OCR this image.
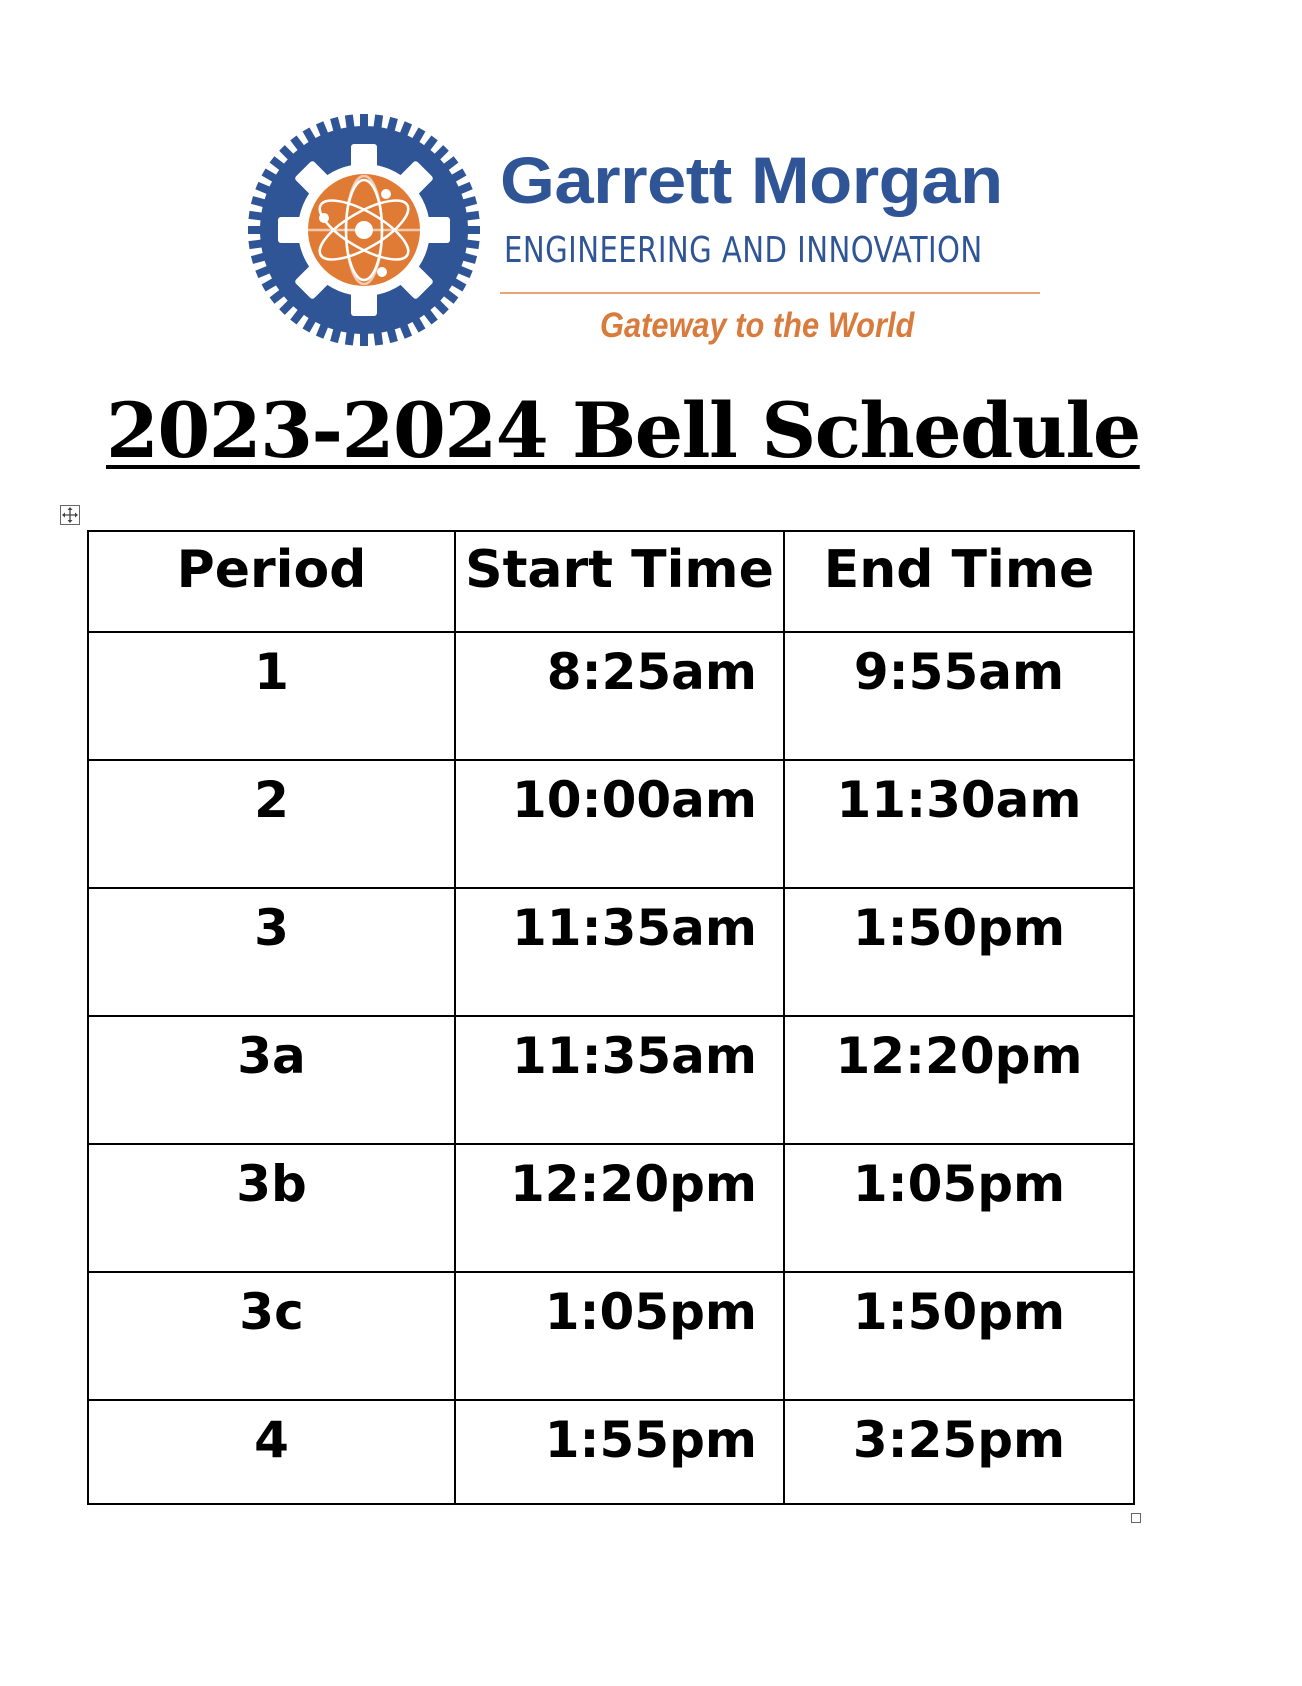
Garrett Morgan
ENGINEERING AND INNOVATION
Gateway to the World
2023-2024 Bell Schedule
Period	Start Time	End Time

1	8:25am	9:55am

2	10:00am	11:30am

3	11:35am	1:50pm

3a	11:35am	12:20pm

3b	12:20pm	1:05pm

3c	1:05pm	1:50pm

4	1:55pm	3:25pm
